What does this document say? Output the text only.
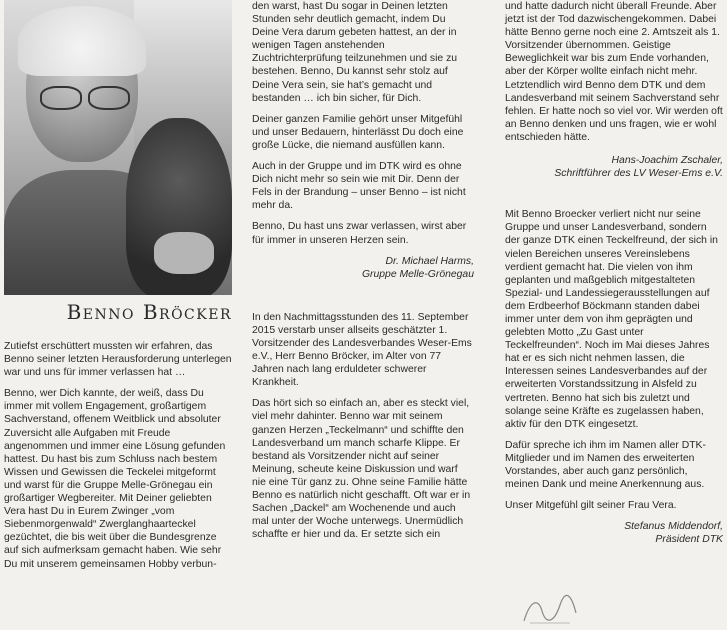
Benno Bröcker

Zutiefst erschüttert mussten wir erfahren, das Benno seiner letzten Herausforderung unterlegen war und uns für immer verlassen hat …

Benno, wer Dich kannte, der weiß, dass Du immer mit vollem Engagement, großartigem Sachverstand, offenem Weitblick und absoluter Zuversicht alle Aufgaben mit Freude angenommen und immer eine Lösung gefunden hattest. Du hast bis zum Schluss nach bestem Wissen und Gewissen die Teckelei mitgeformt und warst für die Gruppe Melle-Grönegau ein großartiger Wegbereiter. Mit Deiner geliebten Vera hast Du in Eurem Zwinger „vom Siebenmorgenwald“ Zwerglanghaarteckel gezüchtet, die bis weit über die Bundesgrenze auf sich aufmerksam gemacht haben. Wie sehr Du mit unserem gemeinsamen Hobby verbun-

den warst, hast Du sogar in Deinen letzten Stunden sehr deutlich gemacht, indem Du Deine Vera darum gebeten hattest, an der in wenigen Tagen anstehenden Zuchtrichterprüfung teilzunehmen und sie zu bestehen. Benno, Du kannst sehr stolz auf Deine Vera sein, sie hat’s gemacht und bestanden … ich bin sicher, für Dich.

Deiner ganzen Familie gehört unser Mitgefühl und unser Bedauern, hinterlässt Du doch eine große Lücke, die niemand ausfüllen kann.

Auch in der Gruppe und im DTK wird es ohne Dich nicht mehr so sein wie mit Dir. Denn der Fels in der Brandung – unser Benno – ist nicht mehr da.

Benno, Du hast uns zwar verlassen, wirst aber für immer in unseren Herzen sein.

Dr. Michael Harms,
Gruppe Melle-Grönegau

In den Nachmittagsstunden des 11. September 2015 verstarb unser allseits geschätzter 1. Vorsitzender des Landesverbandes Weser-Ems e.V., Herr Benno Bröcker, im Alter von 77 Jahren nach lang erduldeter schwerer Krankheit.

Das hört sich so einfach an, aber es steckt viel, viel mehr dahinter. Benno war mit seinem ganzen Herzen „Teckelmann“ und schiffte den Landesverband um manch scharfe Klippe. Er bestand als Vorsitzender nicht auf seiner Meinung, scheute keine Diskussion und warf nie eine Tür ganz zu. Ohne seine Familie hätte Benno es natürlich nicht geschafft. Oft war er in Sachen „Dackel“ am Wochenende und auch mal unter der Woche unterwegs. Unermüdlich schaffte er hier und da. Er setzte sich ein

und hatte dadurch nicht überall Freunde. Aber jetzt ist der Tod dazwischengekommen. Dabei hätte Benno gerne noch eine 2. Amtszeit als 1. Vorsitzender übernommen. Geistige Beweglichkeit war bis zum Ende vorhanden, aber der Körper wollte einfach nicht mehr. Letztendlich wird Benno dem DTK und dem Landesverband mit seinem Sachverstand sehr fehlen. Er hatte noch so viel vor. Wir werden oft an Benno denken und uns fragen, wie er wohl entschieden hätte.

Hans-Joachim Zschaler,
Schriftführer des LV Weser-Ems e.V.

Mit Benno Broecker verliert nicht nur seine Gruppe und unser Landesverband, sondern der ganze DTK einen Teckelfreund, der sich in vielen Bereichen unseres Vereinslebens verdient gemacht hat. Die vielen von ihm geplanten und maßgeblich mitgestalteten Spezial- und Landessiegerausstellungen auf dem Erdbeerhof Böckmann standen dabei immer unter dem von ihm geprägten und gelebten Motto „Zu Gast unter Teckelfreunden“. Noch im Mai dieses Jahres hat er es sich nicht nehmen lassen, die Interessen seines Landesverbandes auf der erweiterten Vorstandssitzung in Alsfeld zu vertreten. Benno hat sich bis zuletzt und solange seine Kräfte es zugelassen haben, aktiv für den DTK eingesetzt.

Dafür spreche ich ihm im Namen aller DTK-Mitglieder und im Namen des erweiterten Vorstandes, aber auch ganz persönlich, meinen Dank und meine Anerkennung aus.

Unser Mitgefühl gilt seiner Frau Vera.

Stefanus Middendorf,
Präsident DTK
